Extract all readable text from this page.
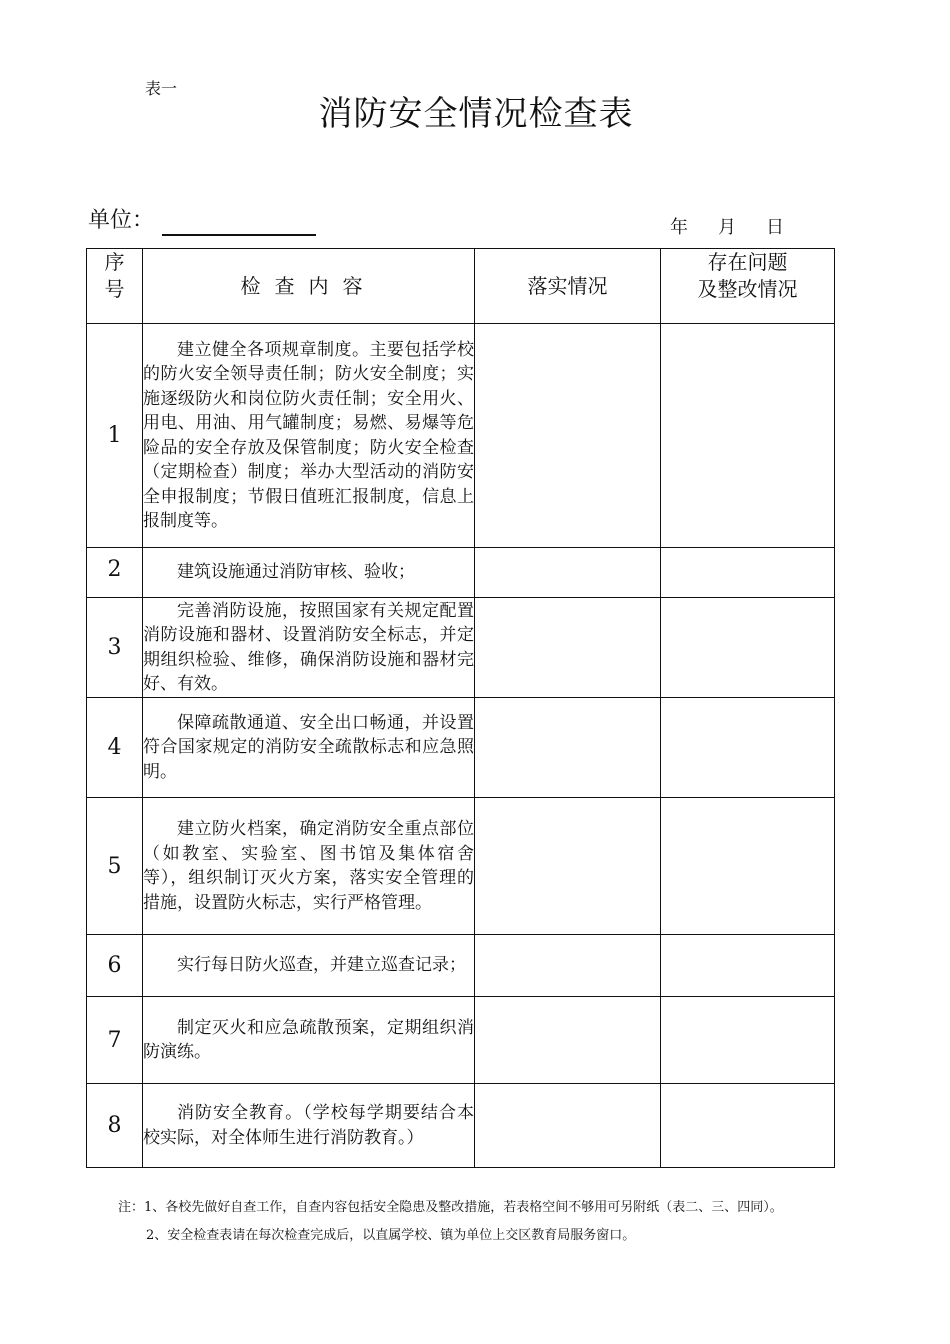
表一
消防安全情况检查表
单位：	年 月 日
序号	检查内容	落实情况	存在问题
及整改情况

1	建立健全各项规章制度。主要包括学校的防火安全领导责任制；防火安全制度；实施逐级防火和岗位防火责任制；安全用火、用电、用油、用气罐制度；易燃、易爆等危险品的安全存放及保管制度；防火安全检查（定期检查）制度；举办大型活动的消防安全申报制度；节假日值班汇报制度，信息上报制度等。		
2	建筑设施通过消防审核、验收；		
3	完善消防设施，按照国家有关规定配置消防设施和器材、设置消防安全标志，并定期组织检验、维修，确保消防设施和器材完好、有效。		
4	保障疏散通道、安全出口畅通，并设置符合国家规定的消防安全疏散标志和应急照明。		
5	建立防火档案，确定消防安全重点部位（如教室、实验室、图书馆及集体宿舍等），组织制订灭火方案，落实安全管理的措施，设置防火标志，实行严格管理。		
6	实行每日防火巡查，并建立巡查记录；		
7	制定灭火和应急疏散预案，定期组织消防演练。		
8	消防安全教育。（学校每学期要结合本校实际，对全体师生进行消防教育。）		

注：1、各校先做好自查工作，自查内容包括安全隐患及整改措施，若表格空间不够用可另附纸（表二、三、四同）。

2、安全检查表请在每次检查完成后，以直属学校、镇为单位上交区教育局服务窗口。
